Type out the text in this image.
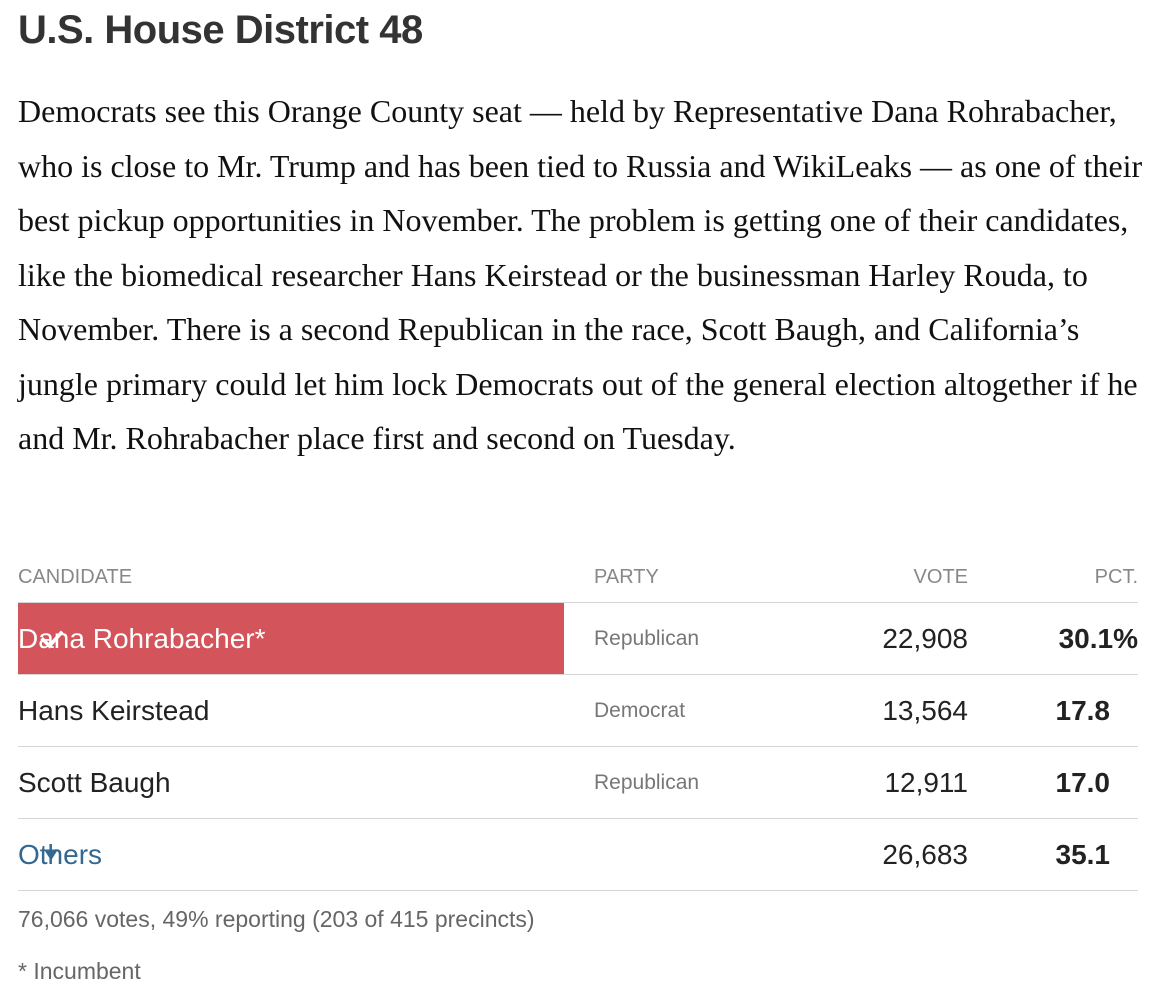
U.S. House District 48

Democrats see this Orange County seat — held by Representative Dana Rohrabacher, who is close to Mr. Trump and has been tied to Russia and WikiLeaks — as one of their best pickup opportunities in November. The problem is getting one of their candidates, like the biomedical researcher Hans Keirstead or the businessman Harley Rouda, to November. There is a second Republican in the race, Scott Baugh, and California’s jungle primary could let him lock Democrats out of the general election altogether if he and Mr. Rohrabacher place first and second on Tuesday.

CANDIDATE		PARTY	VOTE	PCT.

Dana Rohrabacher*		Republican	22,908	30.1%
Hans Keirstead		Democrat	13,564	17.8
Scott Baugh		Republican	12,911	17.0

Others			26,683	35.1

76,066 votes, 49% reporting (203 of 415 precincts)

* Incumbent
